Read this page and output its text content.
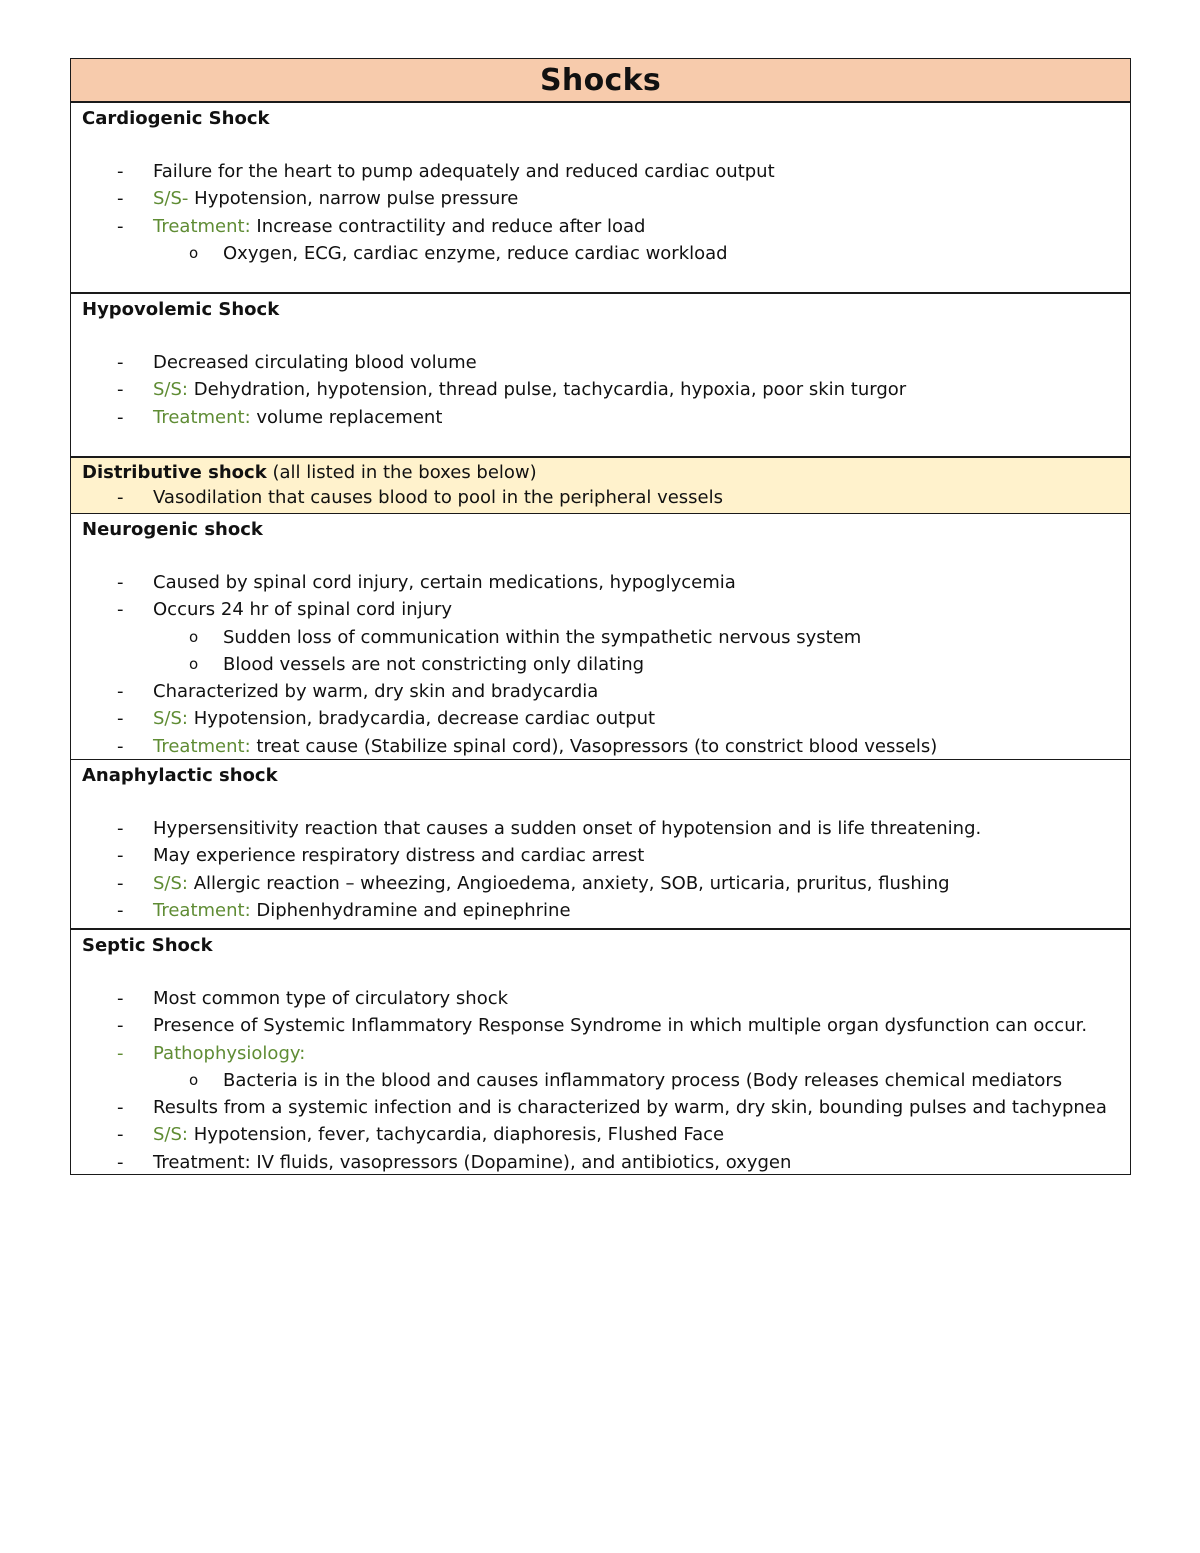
Shocks
Cardiogenic Shock
- Failure for the heart to pump adequately and reduced cardiac output
- S/S- Hypotension, narrow pulse pressure
- Treatment: Increase contractility and reduce after load
o Oxygen, ECG, cardiac enzyme, reduce cardiac workload
Hypovolemic Shock
- Decreased circulating blood volume
- S/S: Dehydration, hypotension, thread pulse, tachycardia, hypoxia, poor skin turgor
- Treatment: volume replacement
Distributive shock (all listed in the boxes below)
- Vasodilation that causes blood to pool in the peripheral vessels
Neurogenic shock
- Caused by spinal cord injury, certain medications, hypoglycemia
- Occurs 24 hr of spinal cord injury
o Sudden loss of communication within the sympathetic nervous system
o Blood vessels are not constricting only dilating
- Characterized by warm, dry skin and bradycardia
- S/S: Hypotension, bradycardia, decrease cardiac output
- Treatment: treat cause (Stabilize spinal cord), Vasopressors (to constrict blood vessels)
Anaphylactic shock
- Hypersensitivity reaction that causes a sudden onset of hypotension and is life threatening.
- May experience respiratory distress and cardiac arrest
- S/S: Allergic reaction – wheezing, Angioedema, anxiety, SOB, urticaria, pruritus, flushing
- Treatment: Diphenhydramine and epinephrine
Septic Shock
- Most common type of circulatory shock
- Presence of Systemic Inflammatory Response Syndrome in which multiple organ dysfunction can occur.
- Pathophysiology:
o Bacteria is in the blood and causes inflammatory process (Body releases chemical mediators
- Results from a systemic infection and is characterized by warm, dry skin, bounding pulses and tachypnea
- S/S: Hypotension, fever, tachycardia, diaphoresis, Flushed Face
- Treatment: IV fluids, vasopressors (Dopamine), and antibiotics, oxygen
